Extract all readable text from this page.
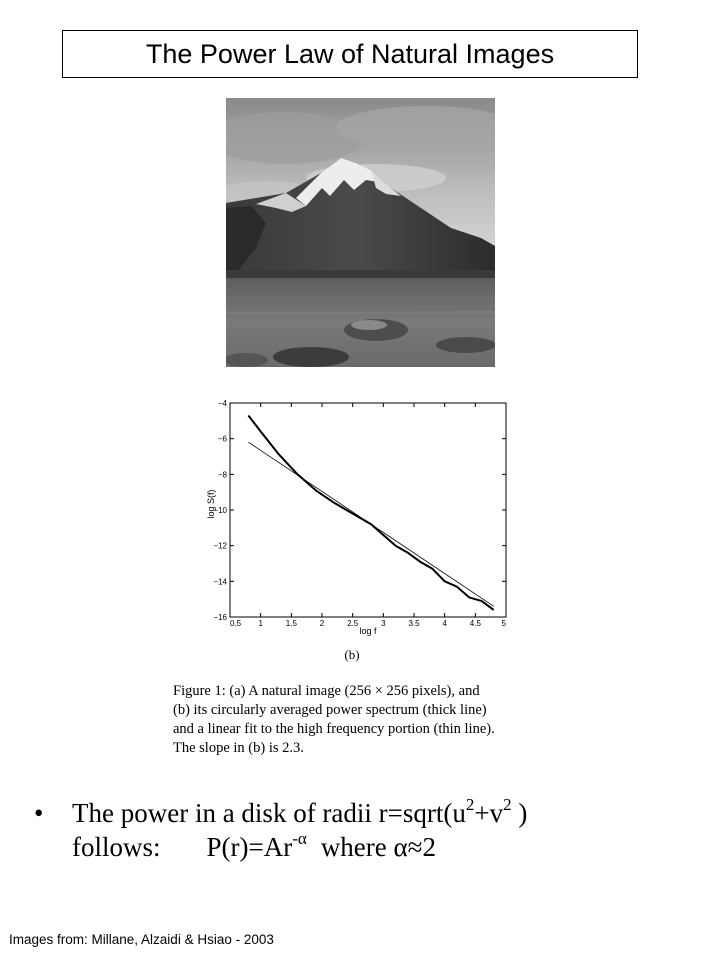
The Power Law of Natural Images
−4
−6
−8
−10
−12
−14
−16
0.5 1	1.5	2	2.5	3	3.5	4	4.5	5
log S(f)
log f
(b)
Figure 1: (a) A natural image (256 × 256 pixels), and
(b) its circularly averaged power spectrum (thick line)
and a linear fit to the high frequency portion (thin line).
The slope in (b) is 2.3.
• The power in a disk of radii $r=sqrt(u^2+v^2$ )
follows: $P(r)=Ar^{-\alpha}$ where α≈2
Images from: Millane, Alzaidi & Hsiao - 2003
